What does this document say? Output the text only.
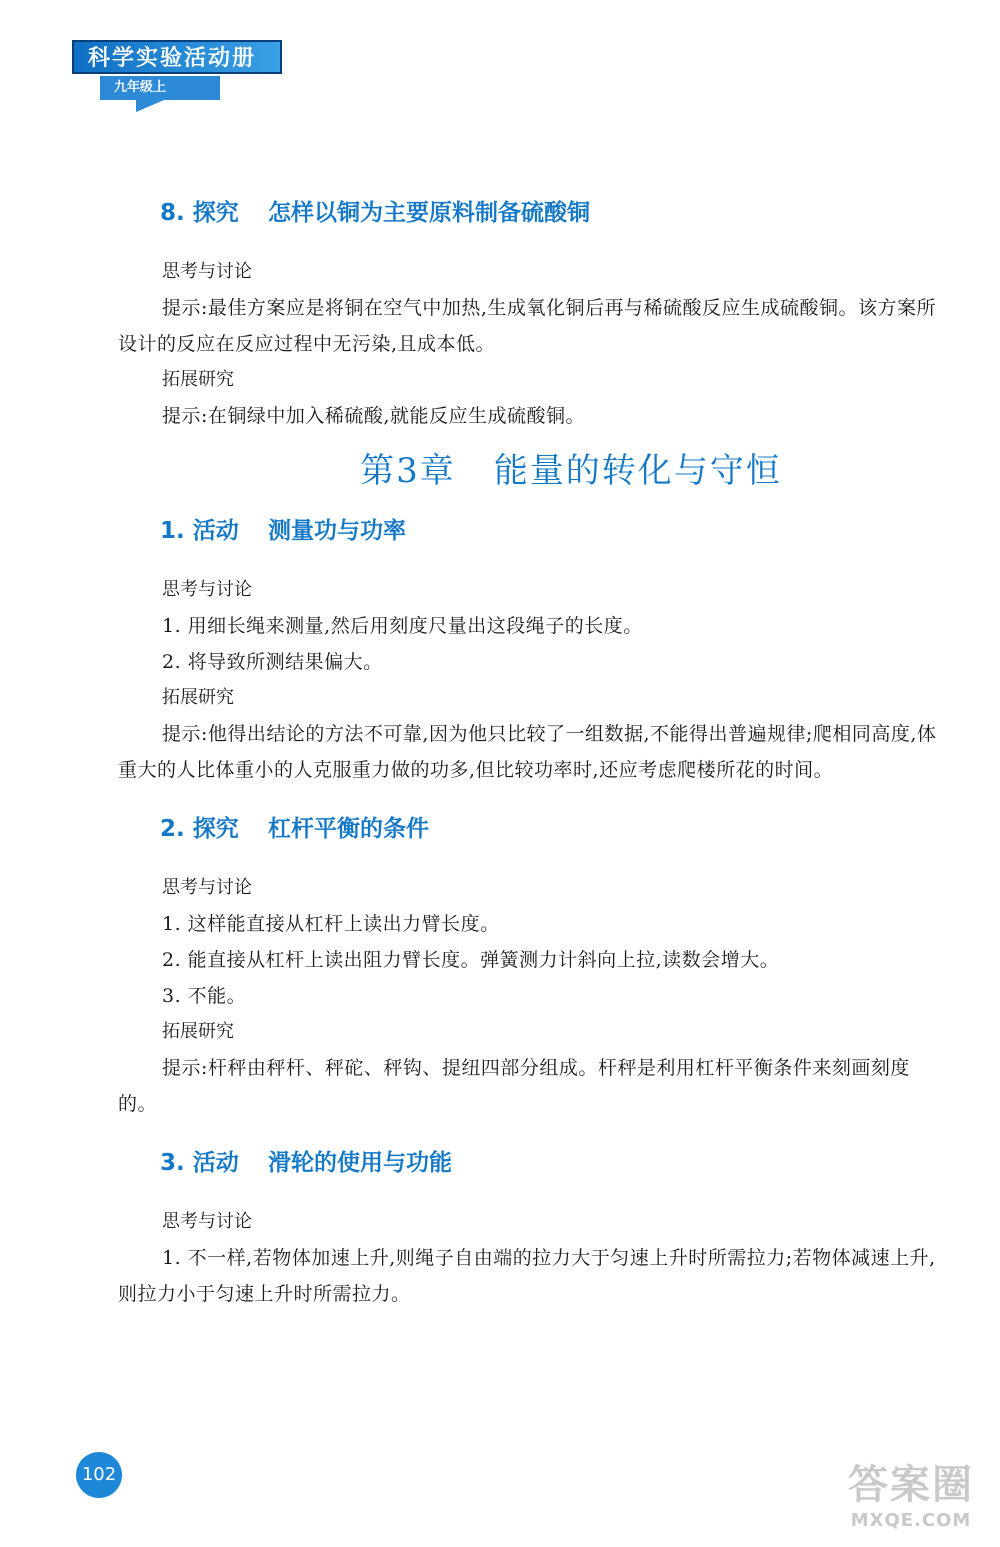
科学实验活动册
九年级上
8. 探究 怎样以铜为主要原料制备硫酸铜
思考与讨论

提示:最佳方案应是将铜在空气中加热,生成氧化铜后再与稀硫酸反应生成硫酸铜。该方案所设计的反应在反应过程中无污染,且成本低。

拓展研究

提示:在铜绿中加入稀硫酸,就能反应生成硫酸铜。

第3章 能量的转化与守恒
1. 活动 测量功与功率
思考与讨论

1. 用细长绳来测量,然后用刻度尺量出这段绳子的长度。

2. 将导致所测结果偏大。

拓展研究

提示:他得出结论的方法不可靠,因为他只比较了一组数据,不能得出普遍规律;爬相同高度,体重大的人比体重小的人克服重力做的功多,但比较功率时,还应考虑爬楼所花的时间。

2. 探究 杠杆平衡的条件
思考与讨论

1. 这样能直接从杠杆上读出力臂长度。

2. 能直接从杠杆上读出阻力臂长度。弹簧测力计斜向上拉,读数会增大。

3. 不能。

拓展研究

提示:杆秤由秤杆、秤砣、秤钩、提纽四部分组成。杆秤是利用杠杆平衡条件来刻画刻度的。

3. 活动 滑轮的使用与功能
思考与讨论

1. 不一样,若物体加速上升,则绳子自由端的拉力大于匀速上升时所需拉力;若物体减速上升,则拉力小于匀速上升时所需拉力。

102	答案圈
MXQE.COM
